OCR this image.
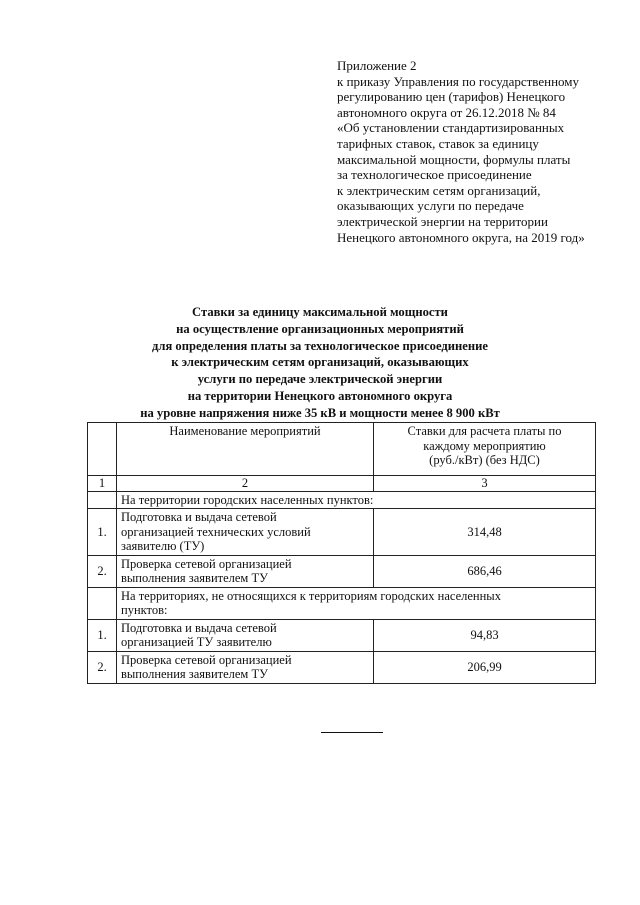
Приложение 2
к приказу Управления по государственному
регулированию цен (тарифов) Ненецкого
автономного округа от 26.12.2018 № 84
«Об установлении стандартизированных
тарифных ставок, ставок за единицу
максимальной мощности, формулы платы
за технологическое присоединение
к электрическим сетям организаций,
оказывающих услуги по передаче
электрической энергии на территории
Ненецкого автономного округа, на 2019 год»
Ставки за единицу максимальной мощности
на осуществление организационных мероприятий
для определения платы за технологическое присоединение
к электрическим сетям организаций, оказывающих
услуги по передаче электрической энергии
на территории Ненецкого автономного округа
на уровне напряжения ниже 35 кВ и мощности менее 8 900 кВт
	Наименование мероприятий	Ставки для расчета платы по
каждому мероприятию
(руб./кВт) (без НДС)

1	2	3
	На территории городских населенных пунктов:	
1.	Подготовка и выдача сетевой
организацией технических условий
заявителю (ТУ)	314,48
2.	Проверка сетевой организацией
выполнения заявителем ТУ	686,46

	На территориях, не относящихся к территориям городских населенных
пунктов:	

1.	Подготовка и выдача сетевой
организацией ТУ заявителю	94,83
2.	Проверка сетевой организацией
выполнения заявителем ТУ	206,99
